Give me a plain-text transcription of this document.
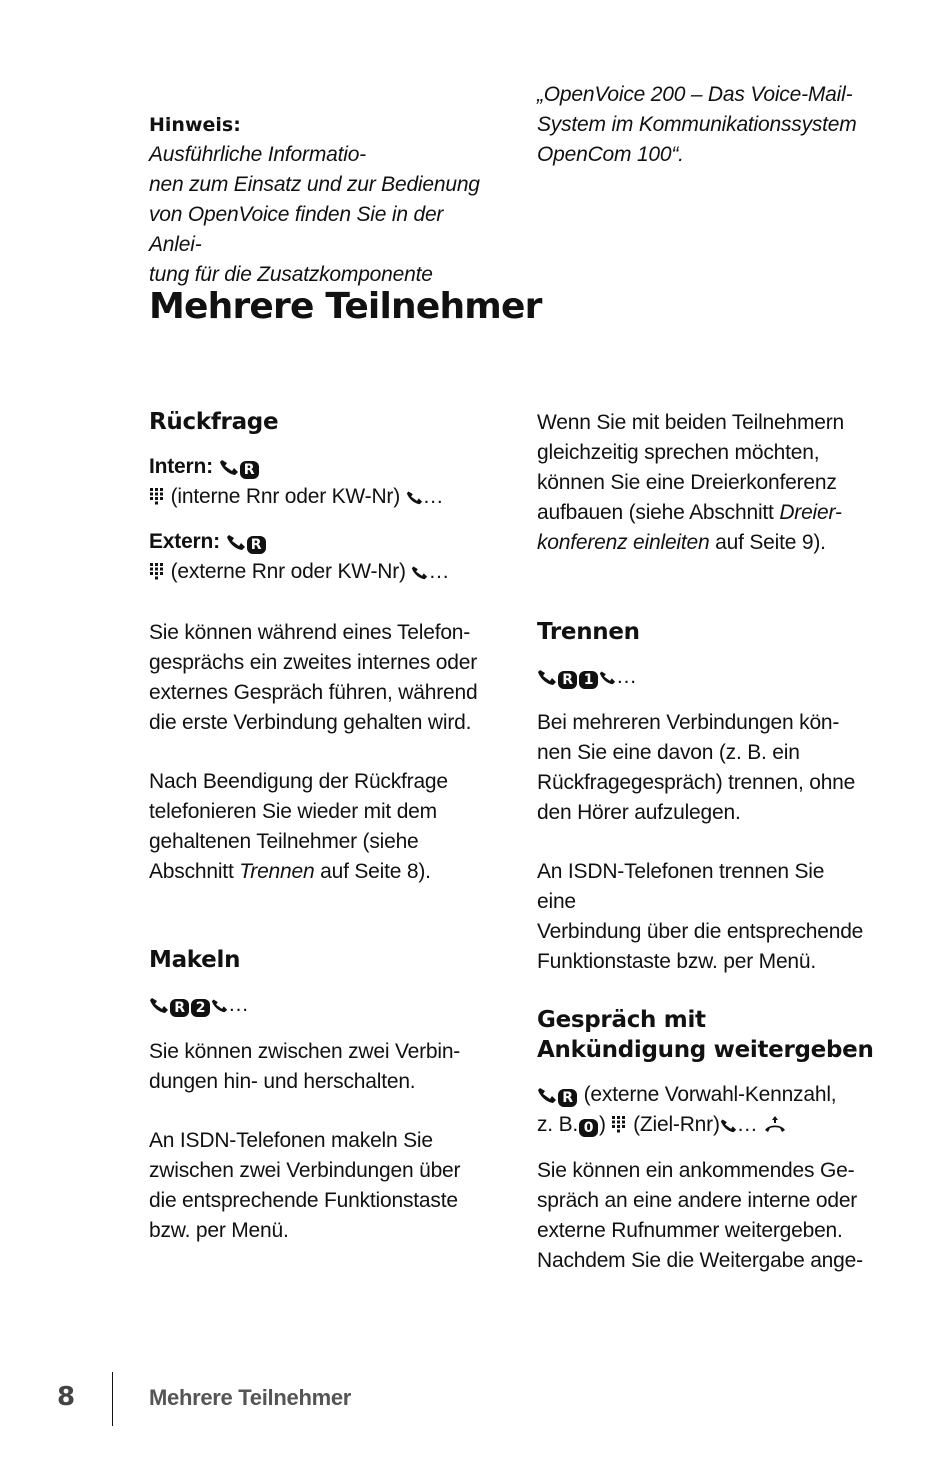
Hinweis:
Ausführliche Informatio-
nen zum Einsatz und zur Bedienung
von OpenVoice finden Sie in der Anlei-
tung für die Zusatzkomponente

„OpenVoice 200 – Das Voice-Mail-
System im Kommunikationssystem
OpenCom 100“.
Mehrere Teilnehmer
Rückfrage
Intern: R
(interne Rnr oder KW-Nr) …
Extern: R
(externe Rnr oder KW-Nr) …
Sie können während eines Telefon-
gesprächs ein zweites internes oder
externes Gespräch führen, während
die erste Verbindung gehalten wird.
Nach Beendigung der Rückfrage
telefonieren Sie wieder mit dem
gehaltenen Teilnehmer (siehe
Abschnitt Trennen auf Seite 8).
Makeln
R 2 …
Sie können zwischen zwei Verbin-
dungen hin- und herschalten.
An ISDN-Telefonen makeln Sie
zwischen zwei Verbindungen über
die entsprechende Funktionstaste
bzw. per Menü.
Wenn Sie mit beiden Teilnehmern
gleichzeitig sprechen möchten,
können Sie eine Dreierkonferenz
aufbauen (siehe Abschnitt Dreier-
konferenz einleiten auf Seite 9).
Trennen
R 1 …
Bei mehreren Verbindungen kön-
nen Sie eine davon (z. B. ein
Rückfragegespräch) trennen, ohne
den Hörer aufzulegen.
An ISDN-Telefonen trennen Sie eine
Verbindung über die entsprechende
Funktionstaste bzw. per Menü.
Gespräch mit
Ankündigung weitergeben
R (externe Vorwahl-Kennzahl,
z. B. 0 )  (Ziel-Rnr) …
Sie können ein ankommendes Ge-
spräch an eine andere interne oder
externe Rufnummer weitergeben.
Nachdem Sie die Weitergabe ange-
8	Mehrere Teilnehmer
